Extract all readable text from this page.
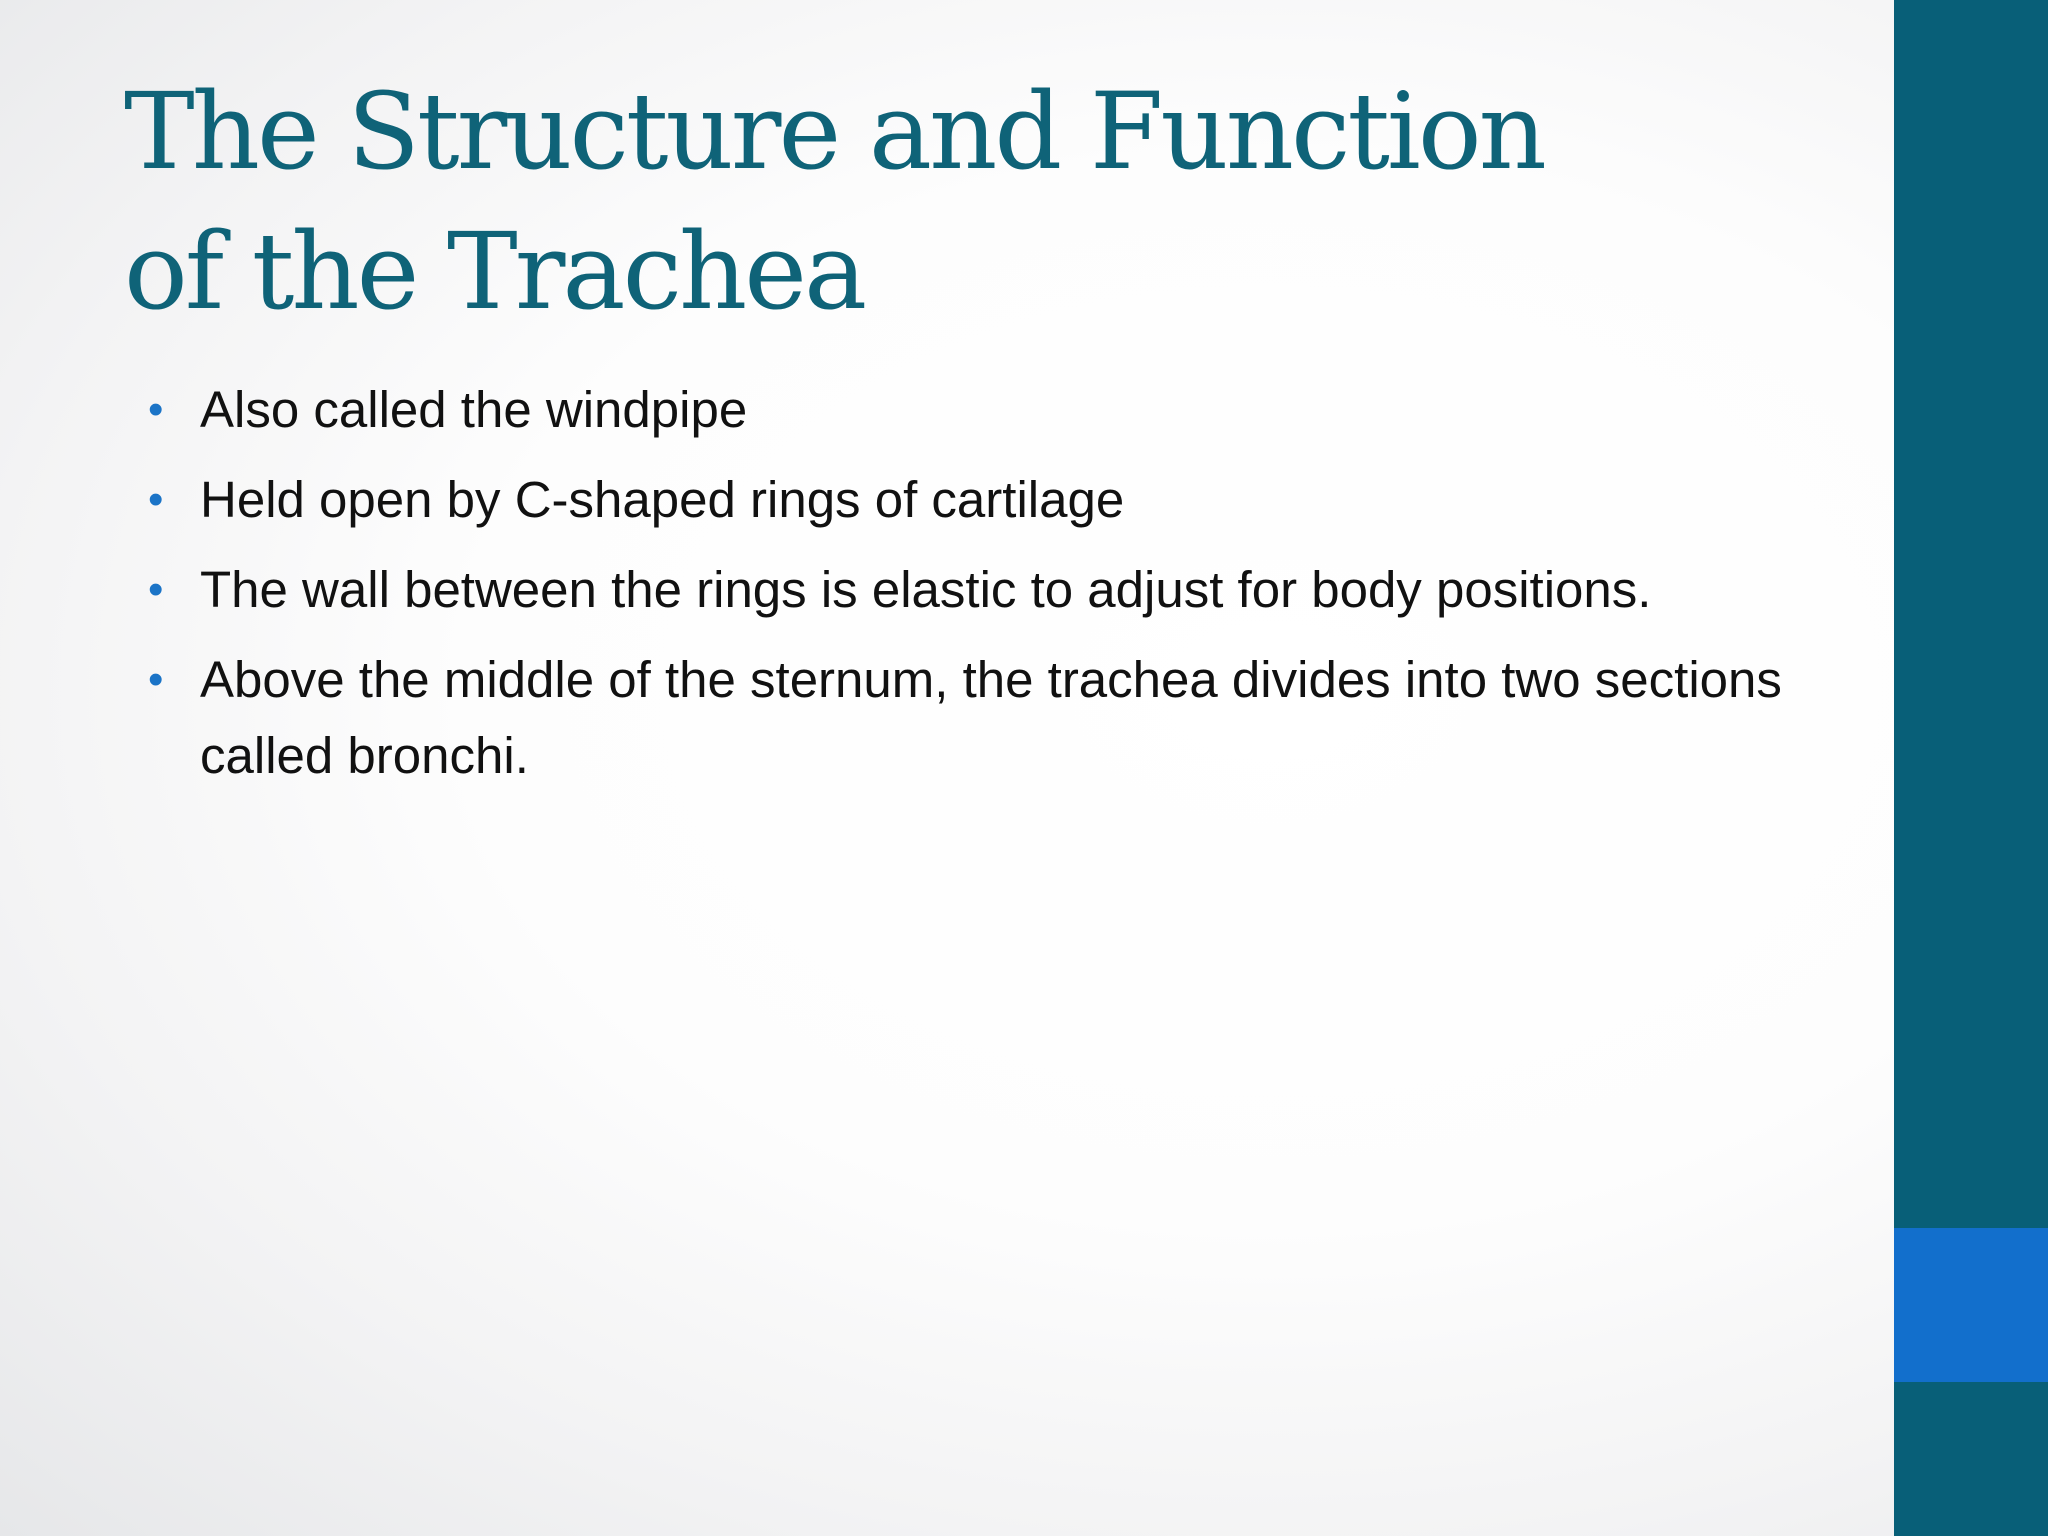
The Structure and Function
of the Trachea
• Also called the windpipe
• Held open by C-shaped rings of cartilage
• The wall between the rings is elastic to adjust for body positions.
• Above the middle of the sternum, the trachea divides into two sections called bronchi.
